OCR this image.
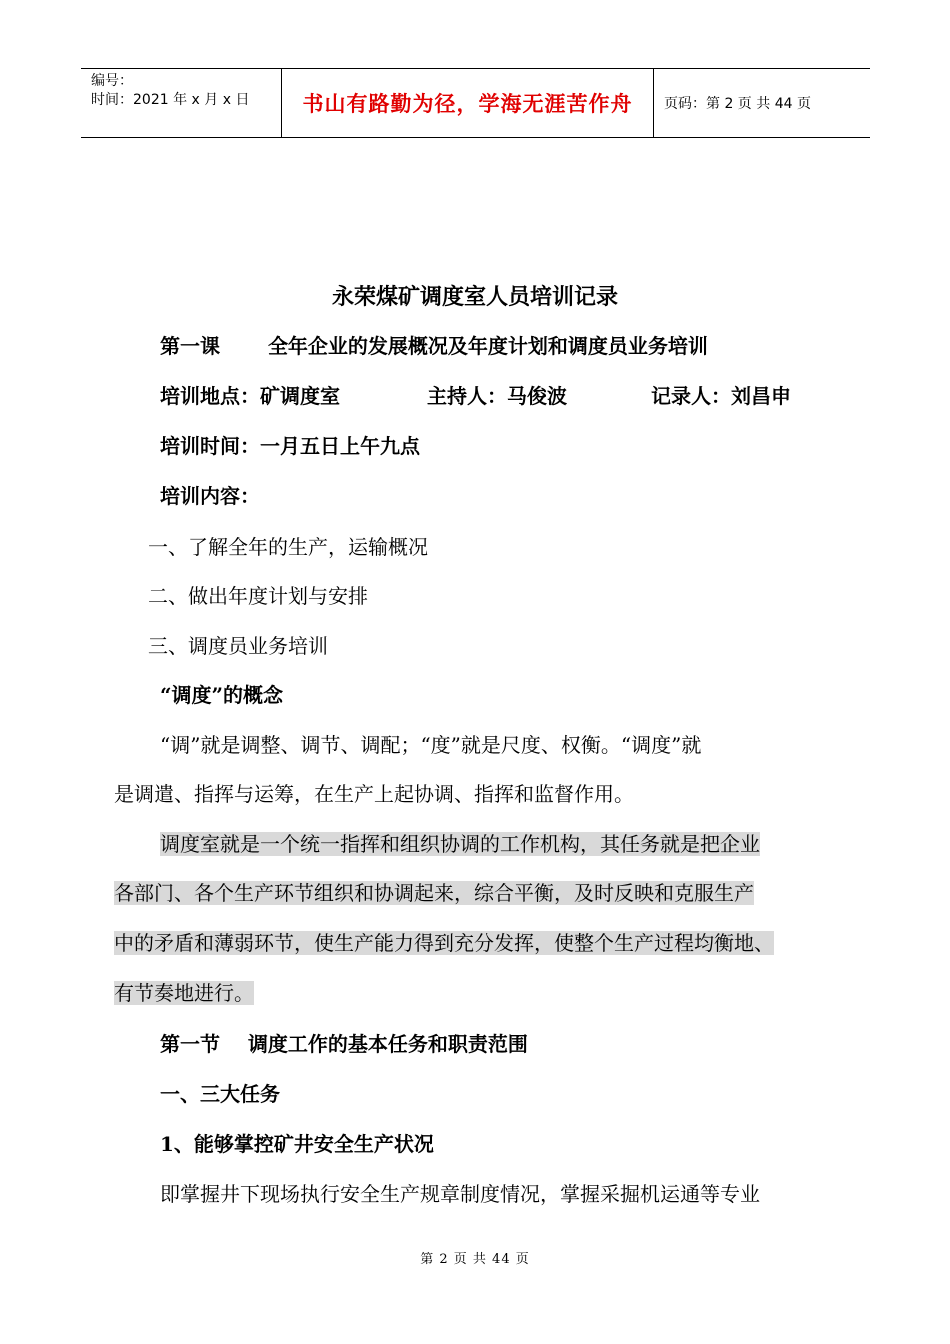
编号：
时间：2021 年 x 月 x 日	书山有路勤为径，学海无涯苦作舟	页码：第 2 页 共 44 页
永荣煤矿调度室人员培训记录
第一课 全年企业的发展概况及年度计划和调度员业务培训
培训地点：矿调度室	主持人：马俊波	记录人：刘昌申
培训时间：一月五日上午九点
培训内容：
一、了解全年的生产，运输概况
二、做出年度计划与安排
三、调度员业务培训
“调度”的概念
“调”就是调整、调节、调配；“度”就是尺度、权衡。“调度”就
是调遣、指挥与运筹，在生产上起协调、指挥和监督作用。
调度室就是一个统一指挥和组织协调的工作机构，其任务就是把企业
各部门、各个生产环节组织和协调起来，综合平衡，及时反映和克服生产
中的矛盾和薄弱环节，使生产能力得到充分发挥，使整个生产过程均衡地、
有节奏地进行。
第一节 调度工作的基本任务和职责范围
一、三大任务
1、能够掌控矿井安全生产状况
即掌握井下现场执行安全生产规章制度情况，掌握采掘机运通等专业
第 2 页 共 44 页
